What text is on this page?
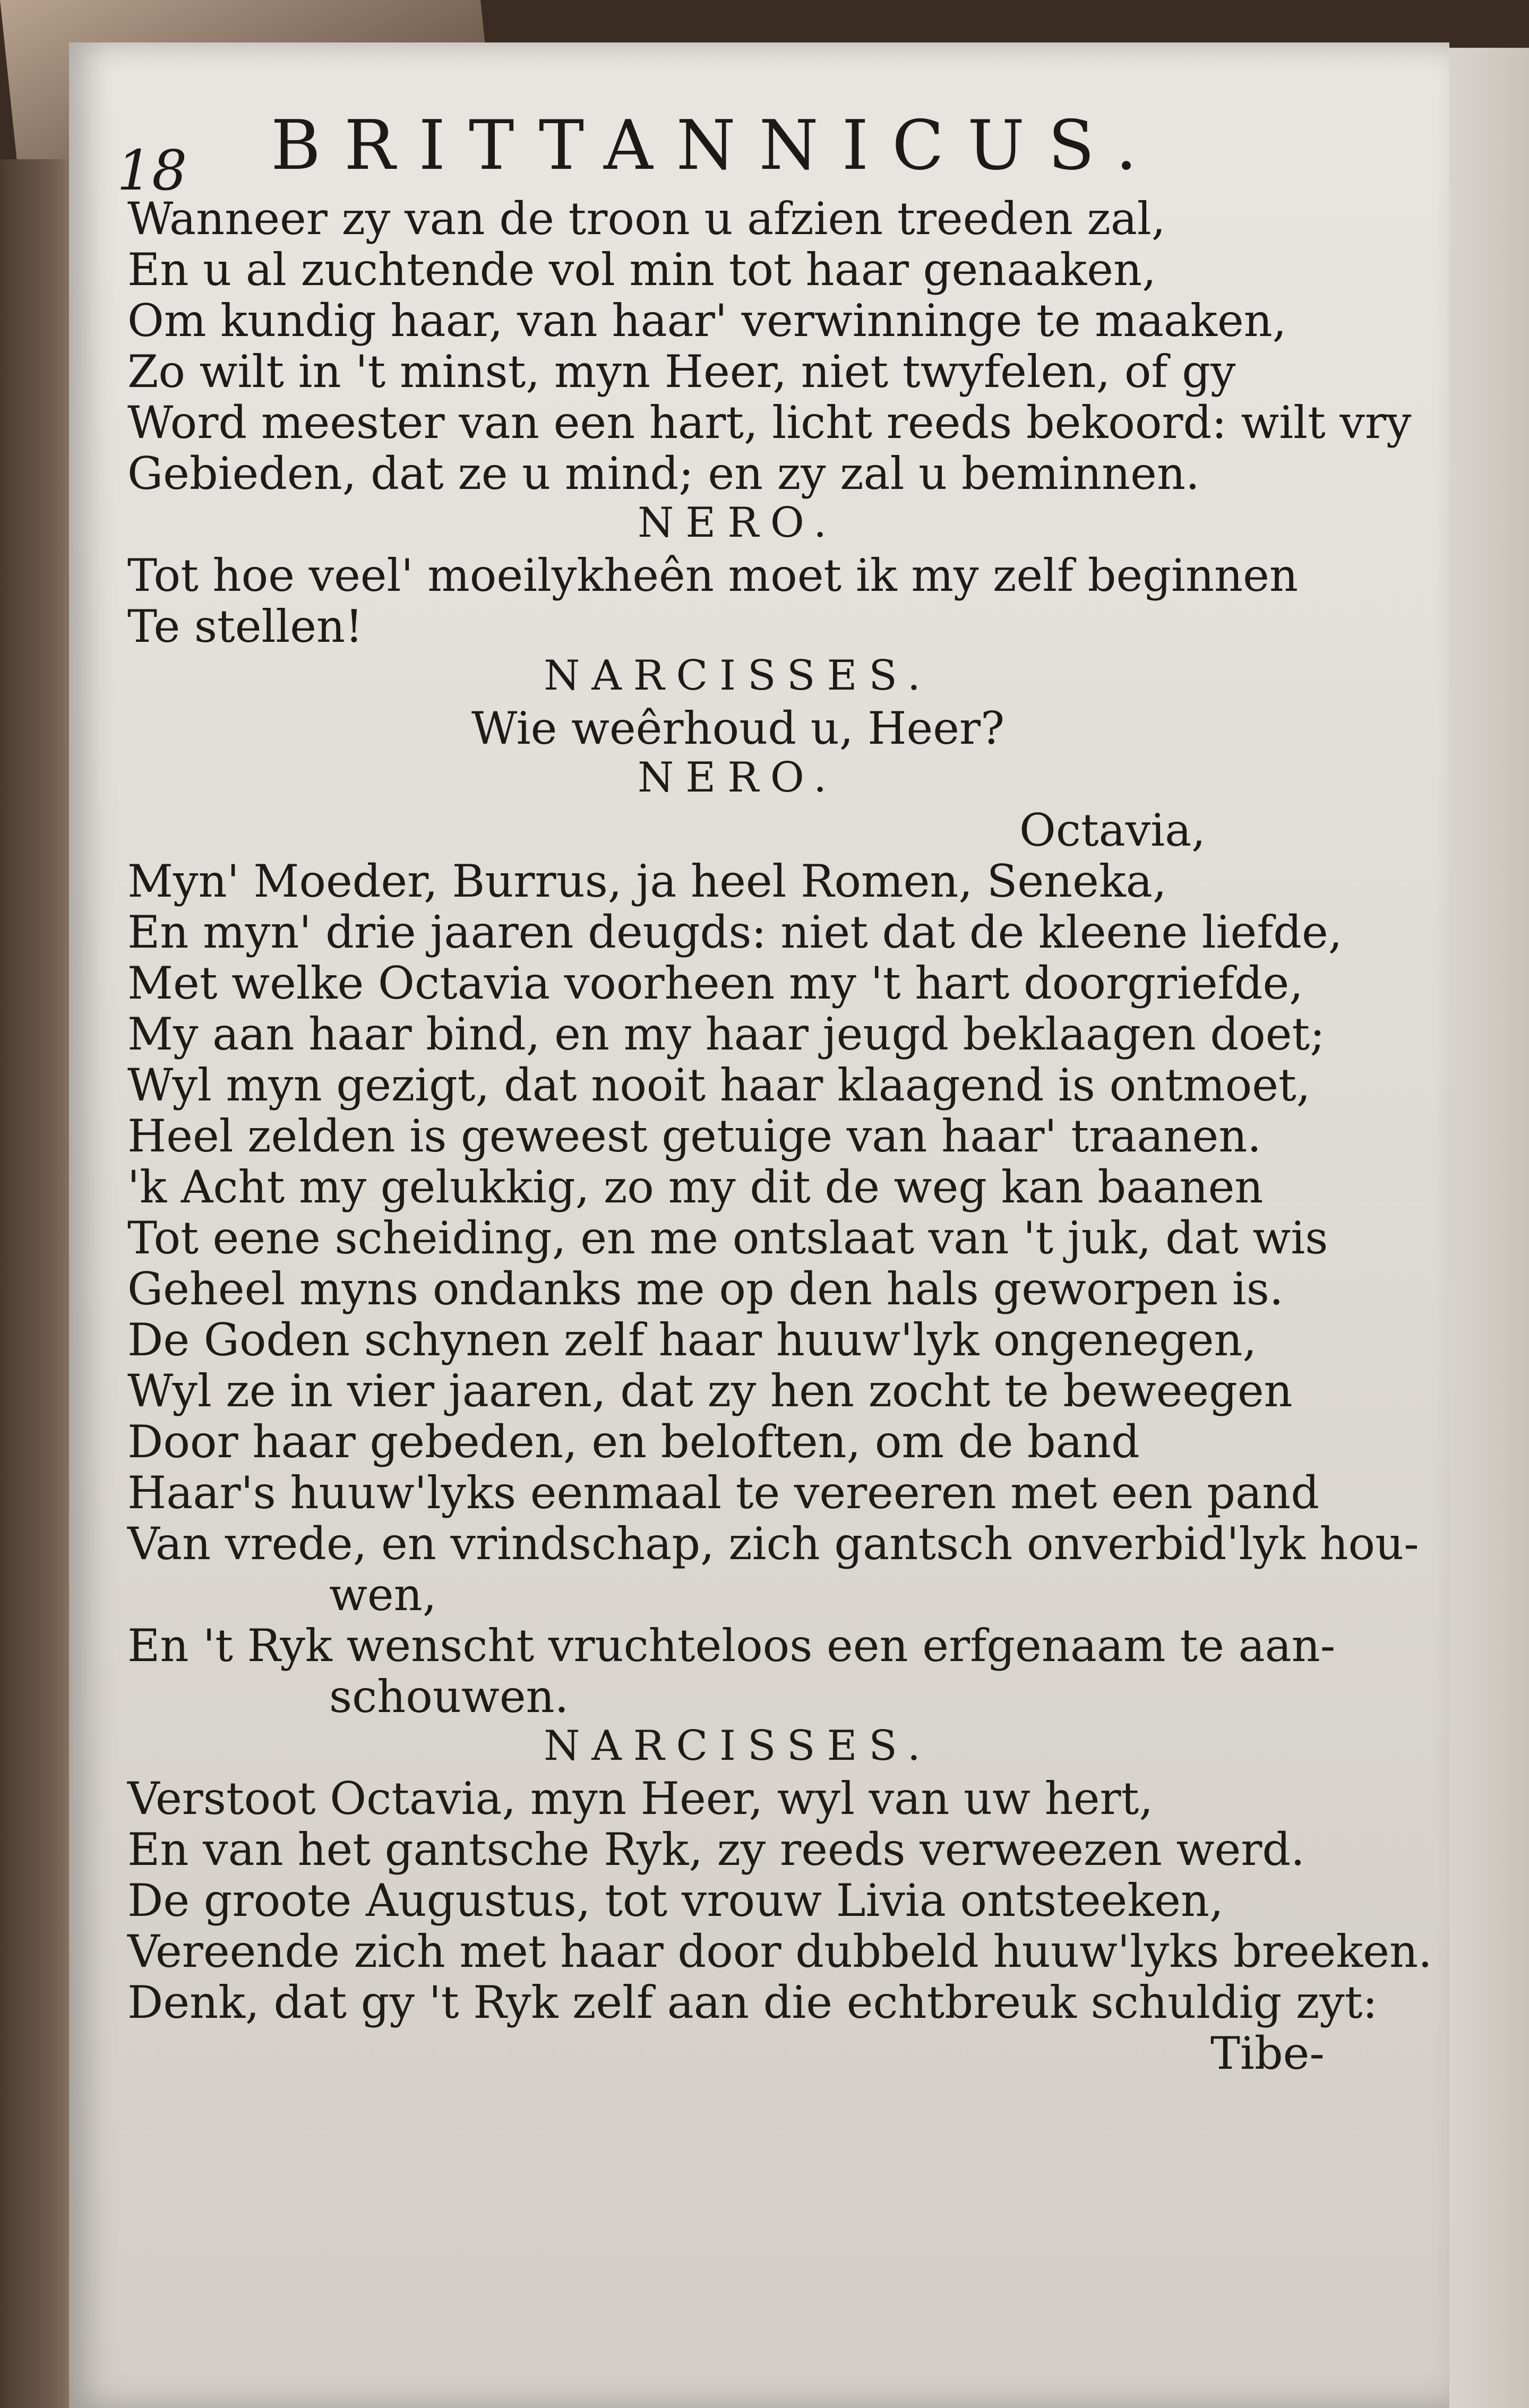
18 BRITTANNICUS.
Wanneer zy van de troon u afzien treeden zal,
En u al zuchtende vol min tot haar genaaken,
Om kundig haar, van haar' verwinninge te maaken,
Zo wilt in 't minst, myn Heer, niet twyfelen, of gy
Word meester van een hart, licht reeds bekoord: wilt vry
Gebieden, dat ze u mind; en zy zal u beminnen.
NERO.
Tot hoe veel' moeilykheên moet ik my zelf beginnen
Te stellen!
NARCISSES.
Wie weêrhoud u, Heer?
NERO.
Octavia,
Myn' Moeder, Burrus, ja heel Romen, Seneka,
En myn' drie jaaren deugds: niet dat de kleene liefde,
Met welke Octavia voorheen my 't hart doorgriefde,
My aan haar bind, en my haar jeugd beklaagen doet;
Wyl myn gezigt, dat nooit haar klaagend is ontmoet,
Heel zelden is geweest getuige van haar' traanen.
'k Acht my gelukkig, zo my dit de weg kan baanen
Tot eene scheiding, en me ontslaat van 't juk, dat wis
Geheel myns ondanks me op den hals geworpen is.
De Goden schynen zelf haar huuw'lyk ongenegen,
Wyl ze in vier jaaren, dat zy hen zocht te beweegen
Door haar gebeden, en beloften, om de band
Haar's huuw'lyks eenmaal te vereeren met een pand
Van vrede, en vrindschap, zich gantsch onverbid'lyk hou-
wen,
En 't Ryk wenscht vruchteloos een erfgenaam te aan-
schouwen.
NARCISSES.
Verstoot Octavia, myn Heer, wyl van uw hert,
En van het gantsche Ryk, zy reeds verweezen werd.
De groote Augustus, tot vrouw Livia ontsteeken,
Vereende zich met haar door dubbeld huuw'lyks breeken.
Denk, dat gy 't Ryk zelf aan die echtbreuk schuldig zyt:
Tibe-
